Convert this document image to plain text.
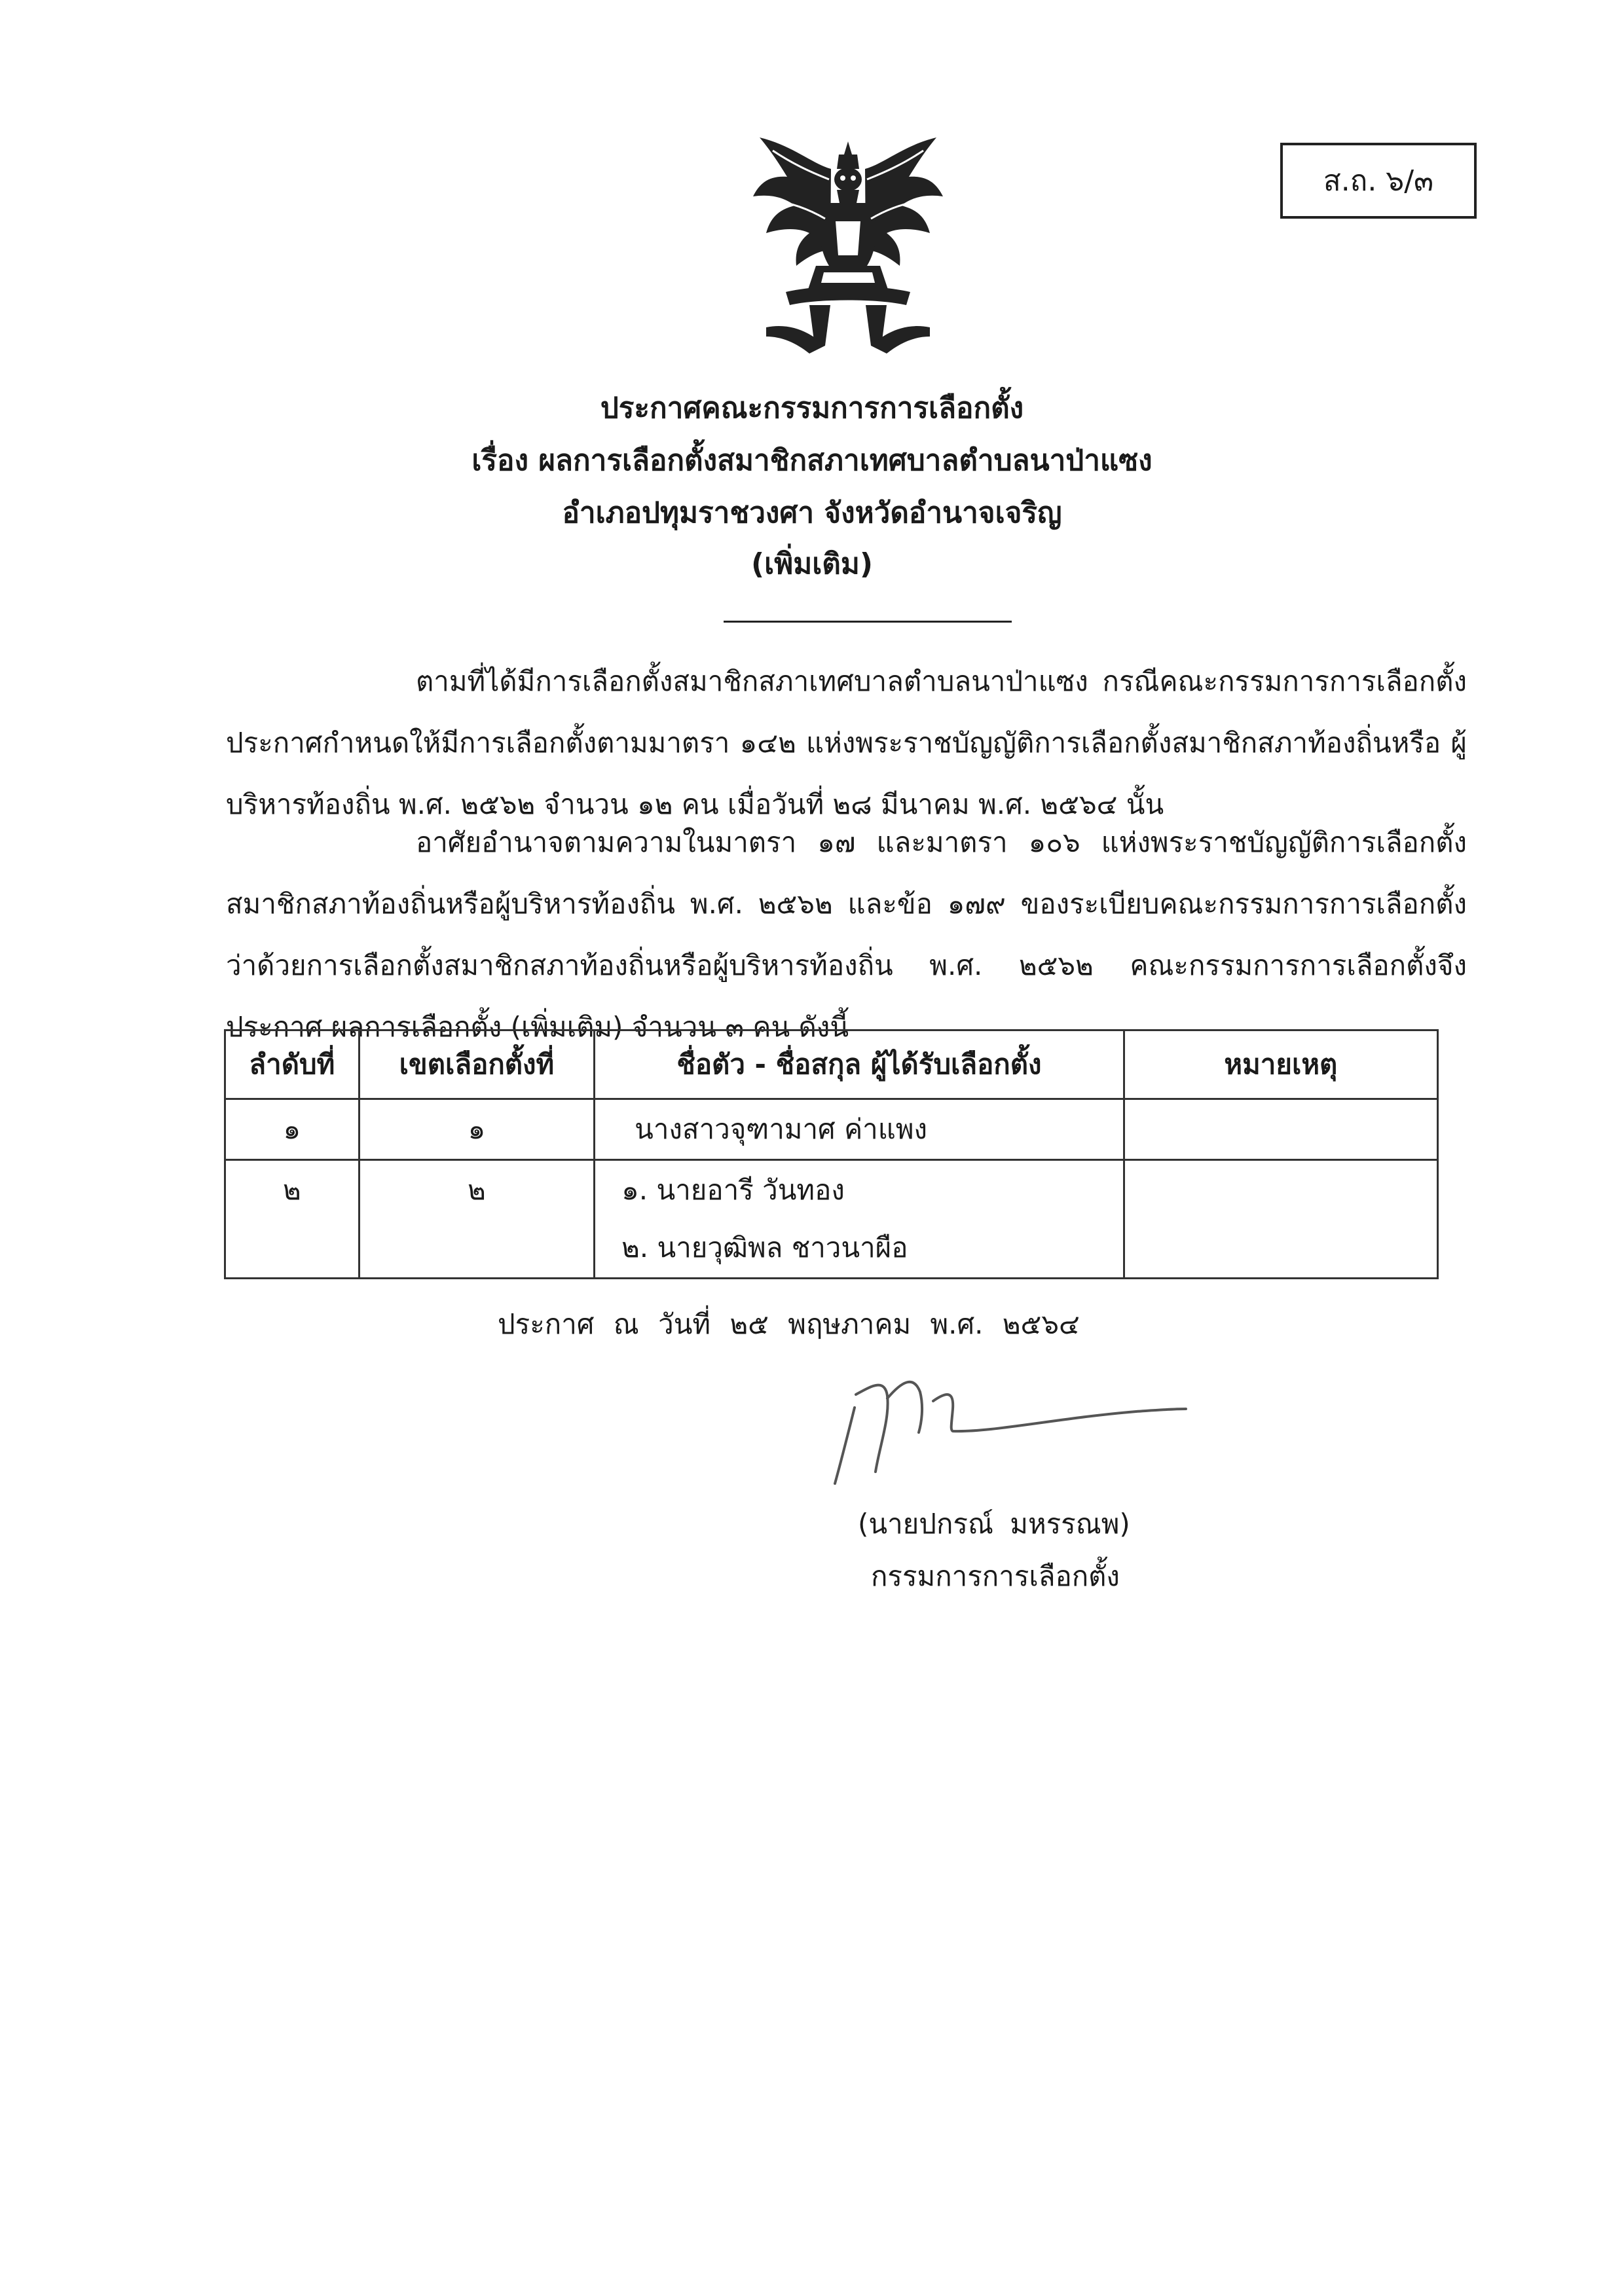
ส.ถ. ๖/๓
ประกาศคณะกรรมการการเลือกตั้ง
เรื่อง ผลการเลือกตั้งสมาชิกสภาเทศบาลตำบลนาป่าแซง
อำเภอปทุมราชวงศา จังหวัดอำนาจเจริญ
(เพิ่มเติม)
ตามที่ได้มีการเลือกตั้งสมาชิกสภาเทศบาลตำบลนาป่าแซง กรณีคณะกรรมการการเลือกตั้ง ประกาศกำหนดให้มีการเลือกตั้งตามมาตรา ๑๔๒ แห่งพระราชบัญญัติการเลือกตั้งสมาชิกสภาท้องถิ่นหรือ ผู้บริหารท้องถิ่น พ.ศ. ๒๕๖๒ จำนวน ๑๒ คน เมื่อวันที่ ๒๘ มีนาคม พ.ศ. ๒๕๖๔ นั้น
อาศัยอำนาจตามความในมาตรา ๑๗ และมาตรา ๑๐๖ แห่งพระราชบัญญัติการเลือกตั้ง สมาชิกสภาท้องถิ่นหรือผู้บริหารท้องถิ่น พ.ศ. ๒๕๖๒ และข้อ ๑๗๙ ของระเบียบคณะกรรมการการเลือกตั้ง ว่าด้วยการเลือกตั้งสมาชิกสภาท้องถิ่นหรือผู้บริหารท้องถิ่น พ.ศ. ๒๕๖๒ คณะกรรมการการเลือกตั้งจึงประกาศ ผลการเลือกตั้ง (เพิ่มเติม) จำนวน ๓ คน ดังนี้
ลำดับที่	เขตเลือกตั้งที่	ชื่อตัว - ชื่อสกุล ผู้ได้รับเลือกตั้ง	หมายเหตุ

๑	๑	นางสาวจุฑามาศ ค่าแพง	

๒	๒	๑. นายอารี วันทอง
๒. นายวุฒิพล ชาวนาผือ	

ประกาศ ณ วันที่ ๒๕ พฤษภาคม พ.ศ. ๒๕๖๔
(นายปกรณ์ มหรรณพ)
กรรมการการเลือกตั้ง
